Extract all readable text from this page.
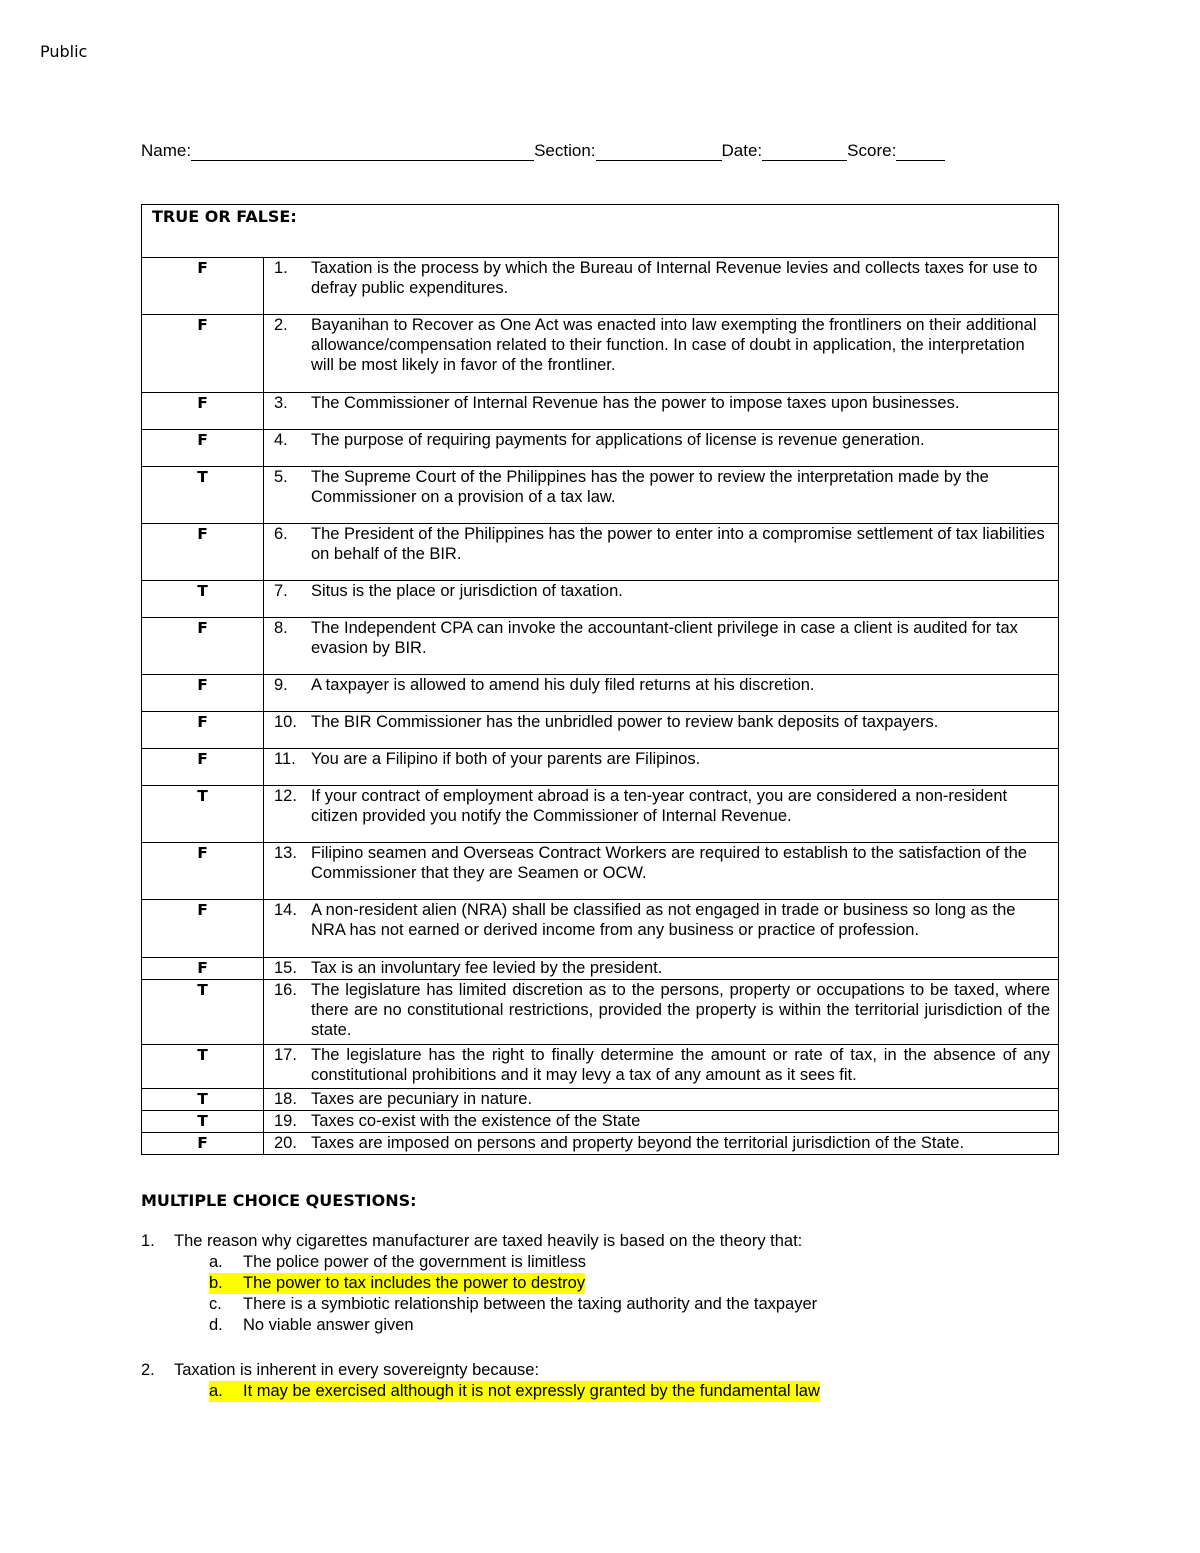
Public
Name:	Section:	Date:	Score:
TRUE OR FALSE:	
F	1. Taxation is the process by which the Bureau of Internal Revenue levies and collects taxes for use to defray public expenditures.

F	2. Bayanihan to Recover as One Act was enacted into law exempting the frontliners on their additional allowance/compensation related to their function. In case of doubt in application, the interpretation will be most likely in favor of the frontliner.

F	3. The Commissioner of Internal Revenue has the power to impose taxes upon businesses.

F	4. The purpose of requiring payments for applications of license is revenue generation.

T	5. The Supreme Court of the Philippines has the power to review the interpretation made by the Commissioner on a provision of a tax law.

F	6. The President of the Philippines has the power to enter into a compromise settlement of tax liabilities on behalf of the BIR.

T	7. Situs is the place or jurisdiction of taxation.

F	8. The Independent CPA can invoke the accountant-client privilege in case a client is audited for tax evasion by BIR.

F	9. A taxpayer is allowed to amend his duly filed returns at his discretion.

F	10. The BIR Commissioner has the unbridled power to review bank deposits of taxpayers.

F	11. You are a Filipino if both of your parents are Filipinos.

T	12. If your contract of employment abroad is a ten-year contract, you are considered a non-resident citizen provided you notify the Commissioner of Internal Revenue.

F	13. Filipino seamen and Overseas Contract Workers are required to establish to the satisfaction of the Commissioner that they are Seamen or OCW.

F	14. A non-resident alien (NRA) shall be classified as not engaged in trade or business so long as the NRA has not earned or derived income from any business or practice of profession.

F	15. Tax is an involuntary fee levied by the president.

T	16. The legislature has limited discretion as to the persons, property or occupations to be taxed, where there are no constitutional restrictions, provided the property is within the territorial jurisdiction of the state.

T	17. The legislature has the right to finally determine the amount or rate of tax, in the absence of any constitutional prohibitions and it may levy a tax of any amount as it sees fit.

T	18. Taxes are pecuniary in nature.

T	19. Taxes co-exist with the existence of the State

F	20. Taxes are imposed on persons and property beyond the territorial jurisdiction of the State.
MULTIPLE CHOICE QUESTIONS:
1.	The reason why cigarettes manufacturer are taxed heavily is based on the theory that:
a.	The police power of the government is limitless
b.	The power to tax includes the power to destroy
c.	There is a symbiotic relationship between the taxing authority and the taxpayer
d.	No viable answer given
2.	Taxation is inherent in every sovereignty because:
a.	It may be exercised although it is not expressly granted by the fundamental law
